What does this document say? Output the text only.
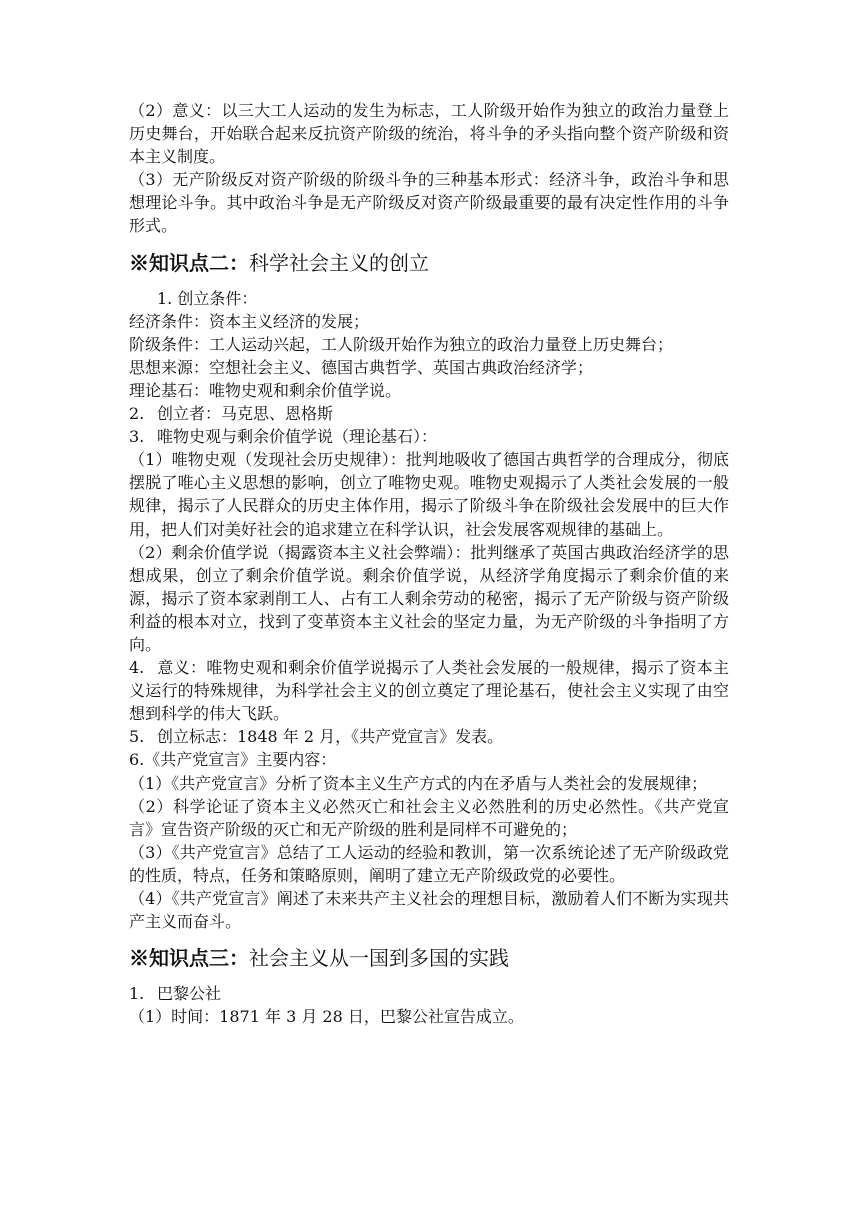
（2）意义：以三大工人运动的发生为标志，工人阶级开始作为独立的政治力量登上历史舞台，开始联合起来反抗资产阶级的统治，将斗争的矛头指向整个资产阶级和资本主义制度。

（3）无产阶级反对资产阶级的阶级斗争的三种基本形式：经济斗争，政治斗争和思想理论斗争。其中政治斗争是无产阶级反对资产阶级最重要的最有决定性作用的斗争形式。

※知识点二：科学社会主义的创立

1. 创立条件：

经济条件：资本主义经济的发展；

阶级条件：工人运动兴起，工人阶级开始作为独立的政治力量登上历史舞台；

思想来源：空想社会主义、德国古典哲学、英国古典政治经济学；

理论基石：唯物史观和剩余价值学说。

2. 创立者：马克思、恩格斯

3. 唯物史观与剩余价值学说（理论基石）：

（1）唯物史观（发现社会历史规律）：批判地吸收了德国古典哲学的合理成分，彻底摆脱了唯心主义思想的影响，创立了唯物史观。唯物史观揭示了人类社会发展的一般规律，揭示了人民群众的历史主体作用，揭示了阶级斗争在阶级社会发展中的巨大作用，把人们对美好社会的追求建立在科学认识，社会发展客观规律的基础上。

（2）剩余价值学说（揭露资本主义社会弊端）：批判继承了英国古典政治经济学的思想成果，创立了剩余价值学说。剩余价值学说，从经济学角度揭示了剩余价值的来源，揭示了资本家剥削工人、占有工人剩余劳动的秘密，揭示了无产阶级与资产阶级利益的根本对立，找到了变革资本主义社会的坚定力量，为无产阶级的斗争指明了方向。

4. 意义：唯物史观和剩余价值学说揭示了人类社会发展的一般规律，揭示了资本主义运行的特殊规律，为科学社会主义的创立奠定了理论基石，使社会主义实现了由空想到科学的伟大飞跃。

5. 创立标志：1848 年 2 月，《共产党宣言》发表。

6.《共产党宣言》主要内容：

（1）《共产党宣言》分析了资本主义生产方式的内在矛盾与人类社会的发展规律；

（2）科学论证了资本主义必然灭亡和社会主义必然胜利的历史必然性。《共产党宣言》宣告资产阶级的灭亡和无产阶级的胜利是同样不可避免的；

（3）《共产党宣言》总结了工人运动的经验和教训，第一次系统论述了无产阶级政党的性质，特点，任务和策略原则，阐明了建立无产阶级政党的必要性。

（4）《共产党宣言》阐述了未来共产主义社会的理想目标，激励着人们不断为实现共产主义而奋斗。

※知识点三：社会主义从一国到多国的实践

1. 巴黎公社

（1）时间：1871 年 3 月 28 日，巴黎公社宣告成立。
